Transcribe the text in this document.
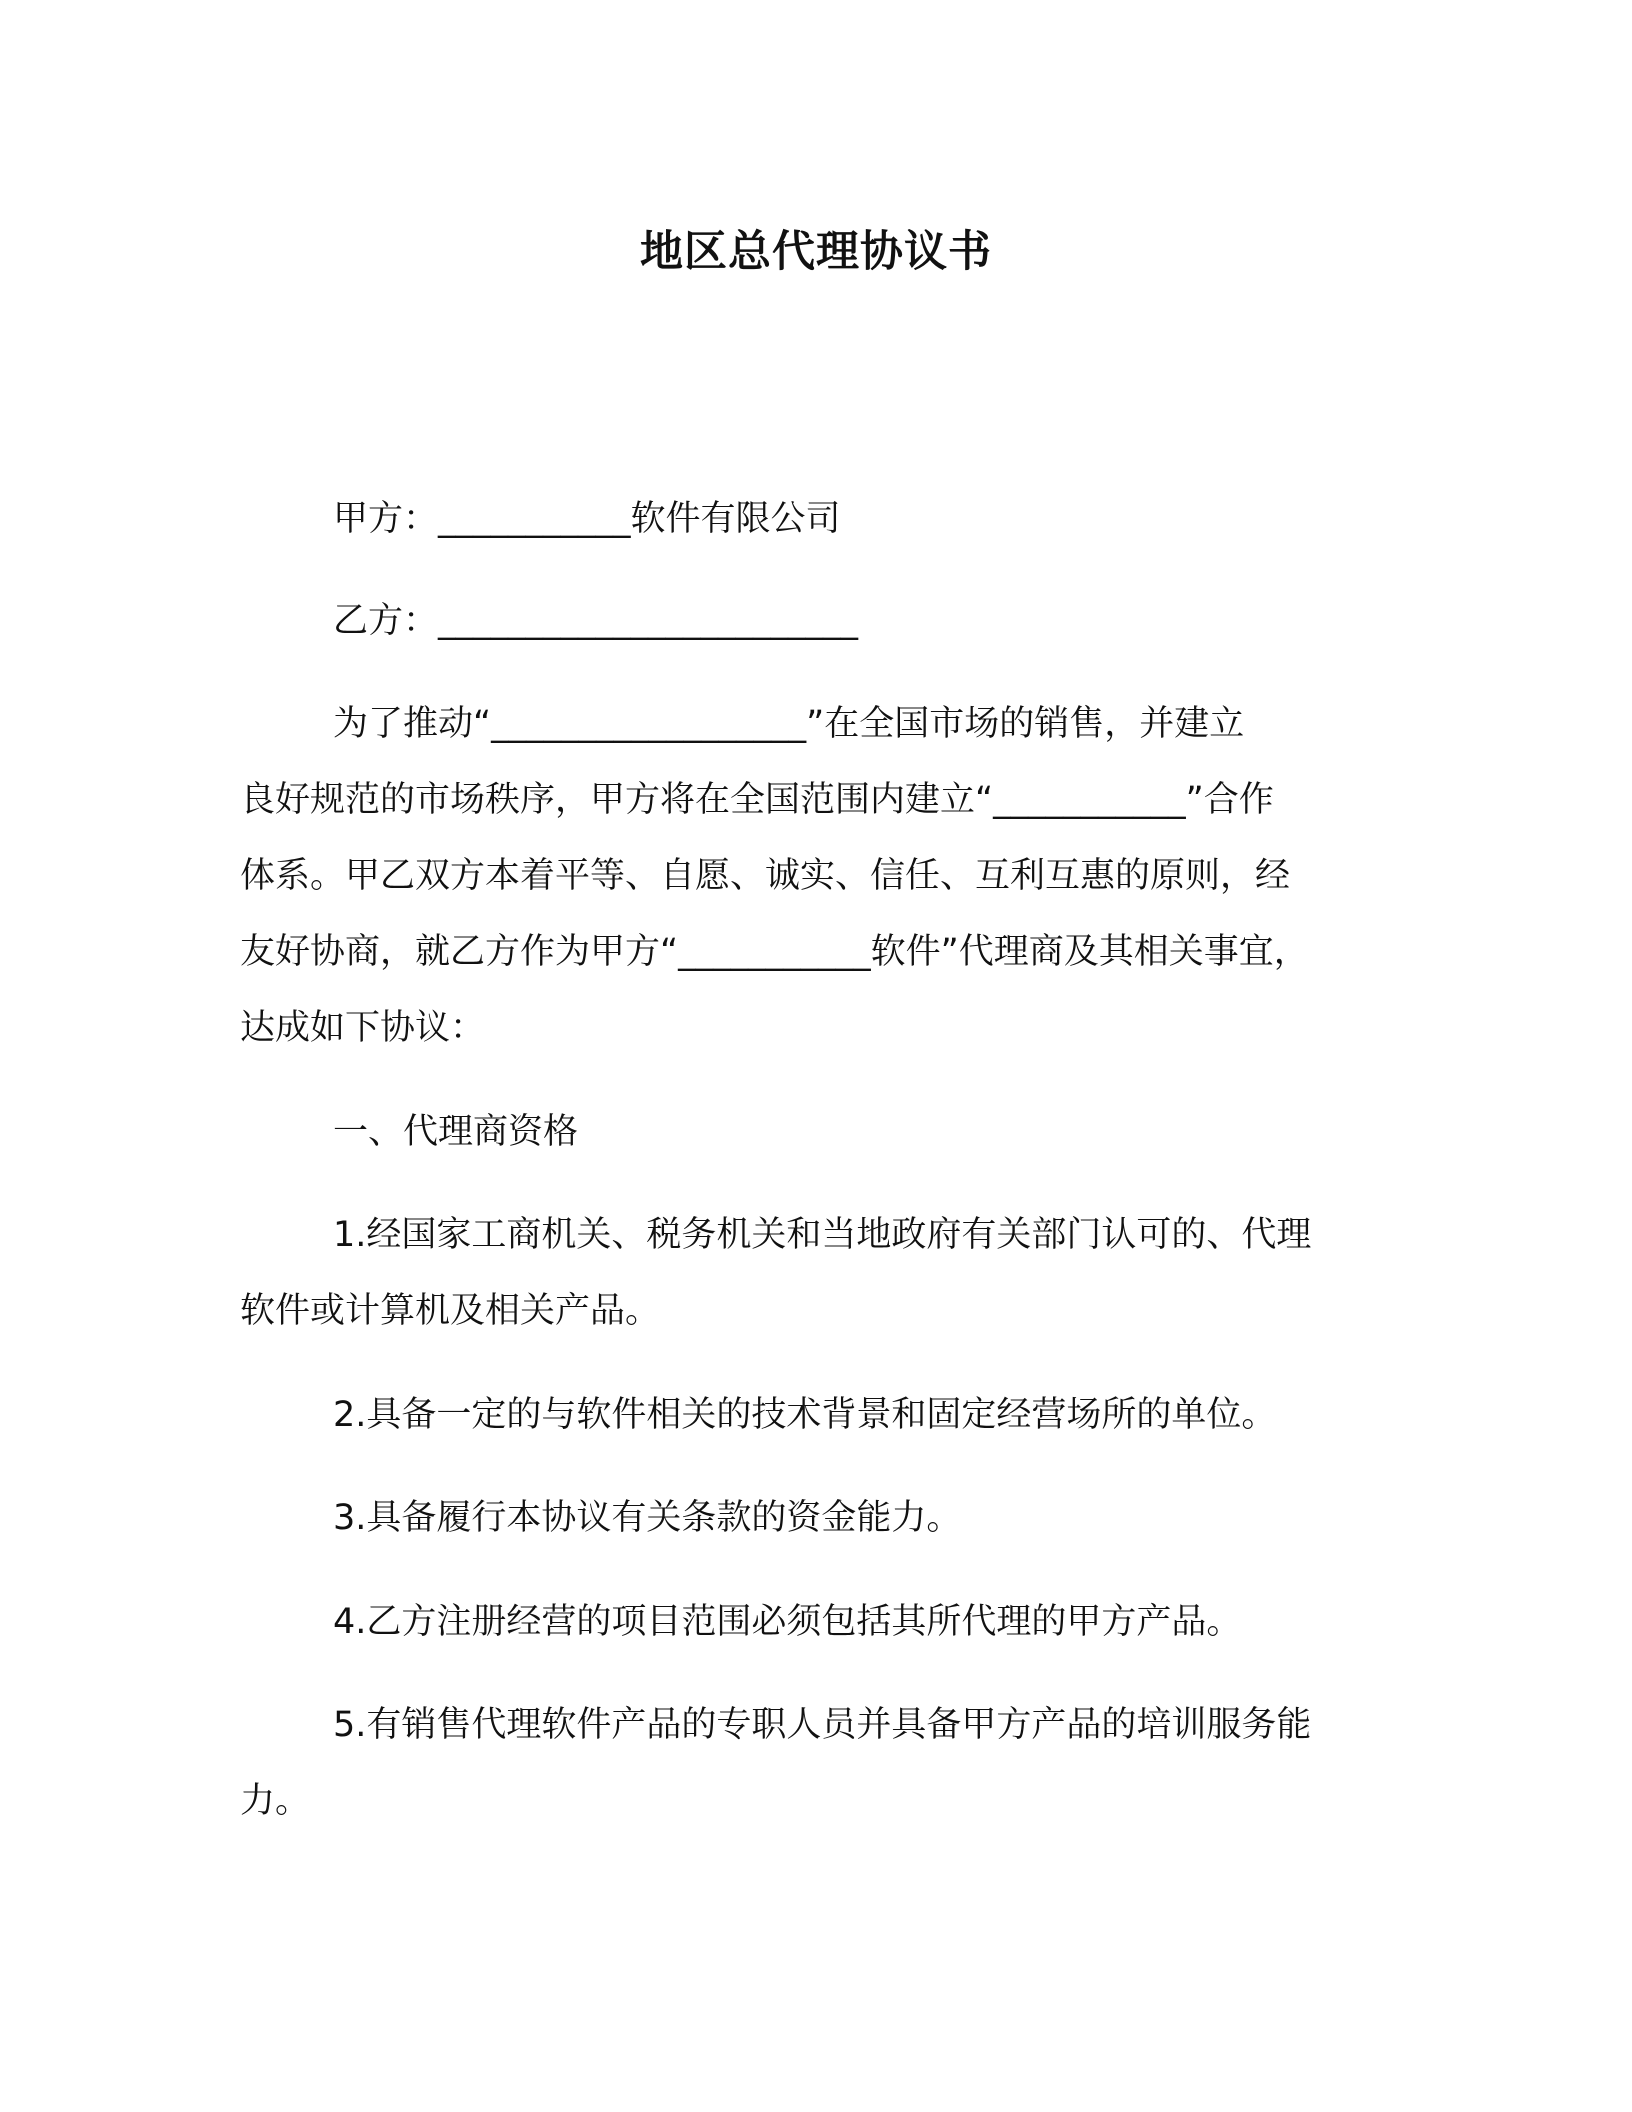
地区总代理协议书

甲方：___________软件有限公司

乙方：________________________

为了推动“__________________”在全国市场的销售，并建立

良好规范的市场秩序，甲方将在全国范围内建立“___________”合作

体系。甲乙双方本着平等、自愿、诚实、信任、互利互惠的原则，经

友好协商，就乙方作为甲方“___________软件”代理商及其相关事宜，

达成如下协议：

一、代理商资格

1.经国家工商机关、税务机关和当地政府有关部门认可的、代理

软件或计算机及相关产品。

2.具备一定的与软件相关的技术背景和固定经营场所的单位。

3.具备履行本协议有关条款的资金能力。

4.乙方注册经营的项目范围必须包括其所代理的甲方产品。

5.有销售代理软件产品的专职人员并具备甲方产品的培训服务能

力。
